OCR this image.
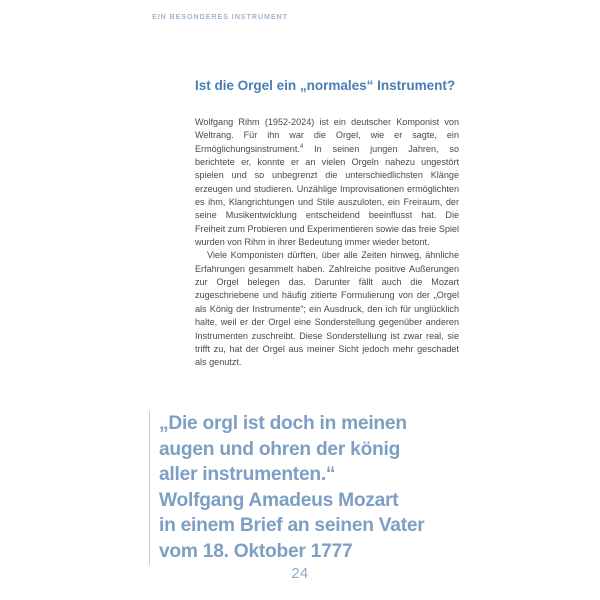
EIN BESONDERES INSTRUMENT
Ist die Orgel ein „normales“ Instrument?

Wolfgang Rihm (1952-2024) ist ein deutscher Komponist von Weltrang. Für ihn war die Orgel, wie er sagte, ein Ermöglichungsinstrument.$^4$ In seinen jungen Jahren, so berichtete er, konnte er an vielen Orgeln nahezu ungestört spielen und so unbegrenzt die unterschiedlichsten Klänge erzeugen und studieren. Unzählige Improvisationen ermöglichten es ihm, Klangrichtungen und Stile auszuloten, ein Freiraum, der seine Musikentwicklung entscheidend beeinflusst hat. Die Freiheit zum Probieren und Experimentieren sowie das freie Spiel wurden von Rihm in ihrer Bedeutung immer wieder betont.

Viele Komponisten dürften, über alle Zeiten hinweg, ähnliche Erfahrungen gesammelt haben. Zahlreiche positive Außerungen zur Orgel belegen das. Darunter fällt auch die Mozart zugeschriebene und häufig zitierte Formulierung von der „Orgel als König der Instrumente“; ein Ausdruck, den ich für unglücklich halte, weil er der Orgel eine Sonderstellung gegenüber anderen Instrumenten zuschreibt. Diese Sonderstellung ist zwar real, sie trifft zu, hat der Orgel aus meiner Sicht jedoch mehr geschadet als genutzt.

„Die orgl ist doch in meinen
augen und ohren der könig
aller instrumenten.“
Wolfgang Amadeus Mozart
in einem Brief an seinen Vater
vom 18. Oktober 1777
24
